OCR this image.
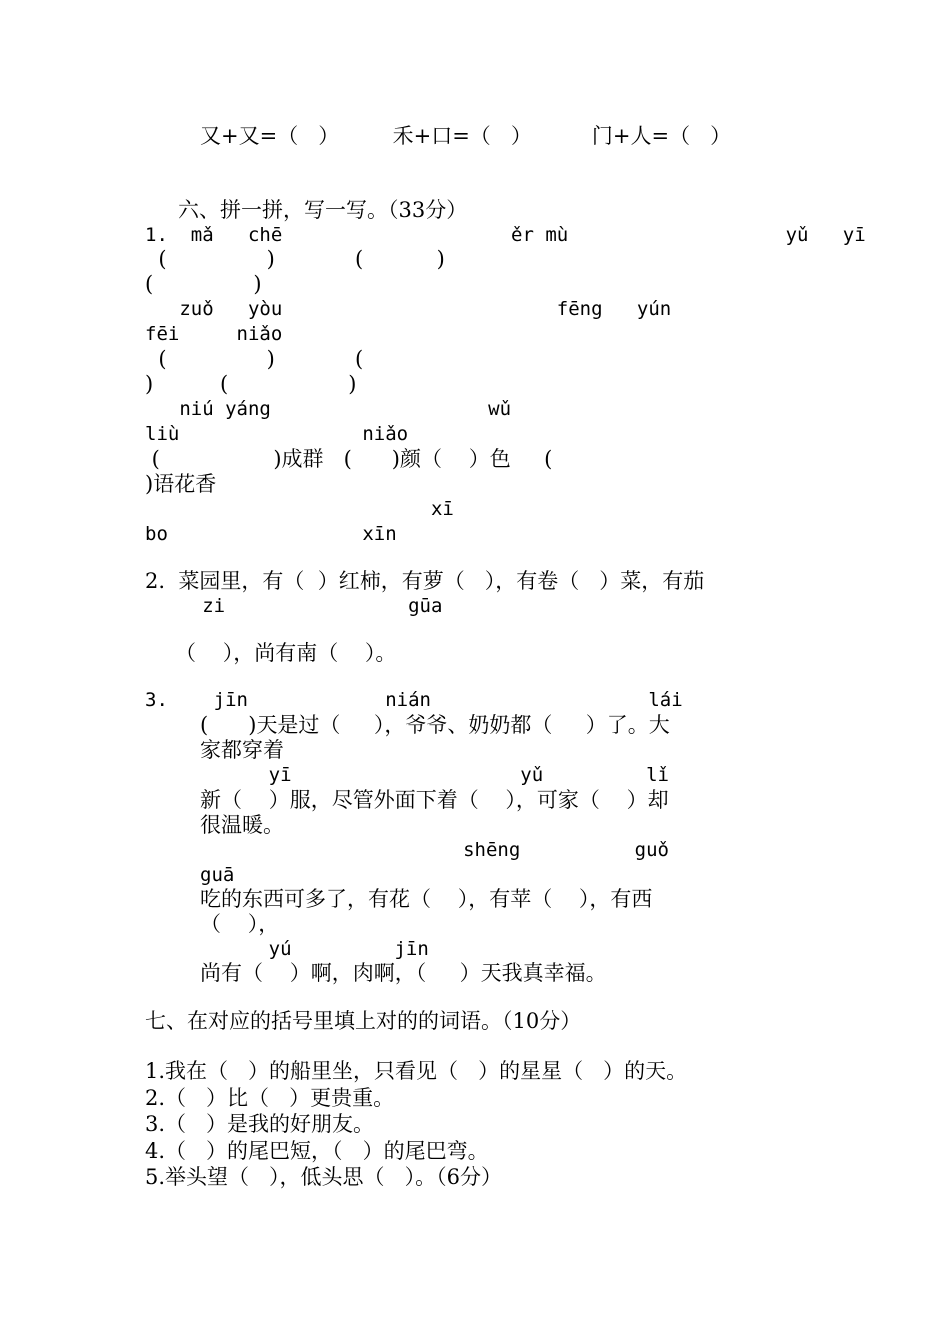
又+又=（   ）        禾+口=（   ）         门+人=（   ）
六、拼一拼，写一写。（33分）
1.  mǎ   chē                    ěr mù                   yǔ   yī
(               )            (           )
(               )
zuǒ   yòu                        fēng   yún
fēi     niǎo
(               )            (
)          (                  )
niú yáng                   wǔ
liù                niǎo
(                 )成群   (      )颜（    ）色     (
)语花香
xī
bo                 xīn
2.  菜园里，有（  ）红柿，有萝（   ），有卷（   ）菜，有茄
zi                gūa
（    ），尚有南（    ）。
3.    jīn            nián                   lái
(      )天是过（     ），爷爷、奶奶都（     ）了。大
家都穿着
yī                    yǔ         lǐ
新（    ）服，尽管外面下着（    ），可家（    ）却
很温暖。
shēng          guǒ
guā
吃的东西可多了，有花（    ），有苹（    ），有西
（    ），
yú         jīn
尚有（    ）啊，肉啊，（     ）天我真幸福。
七、在对应的括号里填上对的的词语。（10分）
1.我在（   ）的船里坐，只看见（   ）的星星（   ）的天。
2.（   ）比（   ）更贵重。
3.（   ）是我的好朋友。
4.（   ）的尾巴短，（   ）的尾巴弯。
5.举头望（   ），低头思（   ）。（6分）
